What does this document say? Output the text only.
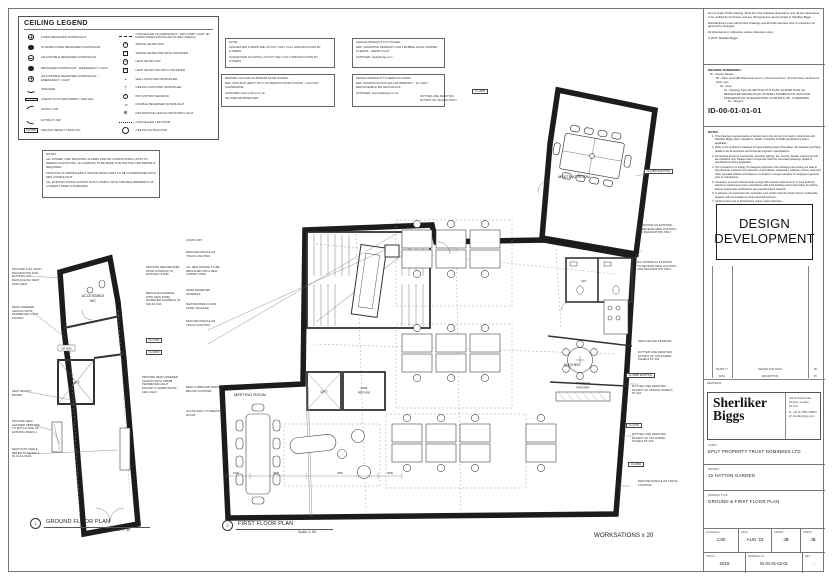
CEILING LEGEND
FIXED RECESSED DOWNLIGHT
IP RATED FIXED RECESSED DOWNLIGHT
ADJUSTABLE RECESSED DOWNLIGHT
RECESSED DOWNLIGHT - EMERGENCY LIGHT
ADJUSTABLE RECESSED DOWNLIGHT - EMERGENCY LIGHT
SPEAKER
LINEAR SLOT DIFFUSERS / GRILLES
SUPPLY AIR
EXTRACT AIR
CH 0000	CEILING HEIGHT FROM FFL
CONCEALED FLUORESCENT / LED STRIP LIGHT (IP RATED WHEN INSTALLED IN WET AREAS)
S	SMOKE DETECTOR
S	SMOKE DETECTOR WITH SOUNDER
H	HEAT DETECTOR
H	HEAT DETECTOR WITH SOUNDER
⊥	WALL MOUNTED SPRINKLER
⊤	CEILING MOUNTED SPRINKLER
P	PIR (MOTION SENSOR)
○○	DOUBLE RECESSED DOWNLIGHT
⊕	DECORATIVE CEILING MOUNTED LIGHT
CONCEALED LED STRIP
CEILING EXTRACTOR
NOTE:

SUGGESTED FURNITURE LAYOUT ONLY. FULL SPECIFICATION BY OTHERS.

SUGGESTED LIGHTING LAYOUT ONLY. FULL SPECIFICATION BY OTHERS.

BRONZE COLOUR ALUMINIUM STAIR NOSING

REF: NON SLIP HEAVY DUTY ALUMINIUM STAIR NOSING - COLOUR : CHAMPAGNE

SUPPLIER: www.mcfloor.co.uk

OR SIMILAR APPROVED

CEILING PENDANT TO KITCHEN

REF: VALENTINA PENDANT LIGHT BUBBLE GOLD COPPER - 6 HEADS - WARM LIGHT

SUPPLIER: thelightway.com

CEILING PENDANT TO MEETING ROOM

REF: WINSTAN W7630 CELLAR PENDANT - 11 LIGHT REPLACEABLE 5W LEDS BLACK

SUPPLIER: www.lights2go.co.uk

NOTES:

ALL POWER, FIRE SENSORS, ALARMS AND AIR CONDITIONING UNITS TO REMAIN AS EXISTING. ALLOWANCE TO BE MADE FOR TESTING AND REPAIR IF REQUIRED.

POSITION OF SPRINKLERS & SMOKE DETECTORS TO BE COORDINATED WITH MEP CONSULTANT.

ALL EXISTING INSTALLATIONS MUST COMPLY WITH THE REQUIREMENTS OF CURRENT BS/EN STANDARDS.

CH 2600
ACCESSIBLE
WC
LIFT
PROVIDE FULL PAINT DECORATION FOR EXISTING WC - REPLACE WC SEAT WITH NEW
NEW LOWERED CEILING WITH PERIMETER LIGHT POCKET
NEW TENANT BOARD
PROVIDE NEW LEATHER SEAT PAD TO MATCH SIZE OF EXISTING BENCH
NEW POST SHELF - REFER TO DETAIL 1 ID-01-02-06-01
1430	4000	2250	4000
MEETING ROOM
MEETING ROOM
KITCHEN
STORAGE
PRINTER
LIFT
FIRE
REFUGE
WC
COMS UNIT
NEW RECTANGULAR TRACK LIGHTING
PROVIDE NEW BRONZE STAIR NOSINGS TO EXISTING STAIR
ALL RED NOSING TO BE REPLACED WITH NEW CARPET PADS
REPLACE HANDRAIL WITH NEW 40MM DIAMETER HANDRAIL IN SOLID OAK
40MM DIAMETER HANDRAIL
NEW BRONZE FLOOR LEVEL SIGNAGE
NEW RECTANGULAR TRACK LIGHTING
CH 2150
CH 2000
PROVIDE NEW LOWERED CEILING WITH 150MM PERIMETER LIGHT POCKET & WARM WHITE LED LIGHT
NEW CUPBOARD SPACE BELOW COUNTER
GLASS WALL TO MEETING ROOM
DOTTED LINE DENOTES EXTENT OF CEILING RAFT
CH 2850
CH 2850 EXISTING
WC ROOMS AS EXISTING TO RECEIVE NEW LIGHTING AND DECORATION ONLY
WC ROOMS AS EXISTING TO RECEIVE NEW LIGHTING AND DECORATION ONLY
NEW CEILING PENDANT
DOTTED LINE DENOTES EXTENT OF COLOURED PANELS PT-204
CH 2880 EXISTING
DOTTED LINE DENOTES EXTENT OF CEILING PANELS PT-204
CH 2400
DOTTED LINE DENOTES EXTENT OF COLOURED PANELS PT-204
CH 2900
NEW RECTANGULAR TRACK LIGHTING
1	GROUND FLOOR PLAN
Scale 1: 50
2	FIRST FLOOR PLAN
Scale 1: 50	WORKSATIONS x 20

Do not scale off this drawing. Work from the indicated dimensions only. All site dimensions to be verified by Contractor and any discrepancies reported back to Sherliker Biggs.

Manufacturers must submit shop drawings and all finish samples prior to production for approval by Designer.

All dimensions in millimetres unless otherwise noted.

© 2022. Sherliker Biggs.

DRAWING NUMBERING:
ID - Interior Design
00 - Floor Level (B1-Basement Level 1, 00-Ground Floor, 01-First Floor, 02-Second Floor, etc)
01 - Area
01 - Drawing Type (01-SETTING OUT PLAN, 02-FF&E PLAN, 03-REFLECTED CEILING PLAN, 04-SMALL POWER PLAN, 05-FLOOR FINISHES PLAN, 06-ELEVATIONS, 07-DETAILS, 08 - CASEWORK)
01 - Sheet #
ID-00-01-01-01
NOTES
1. This drawing is representative of design intent only and is to be read in conjunction with Sherliker Biggs' plans, elevations, details, schedules & FF&E specifications where applicable.
2. Refer to the architect's drawings for base building setout information. All substrate and fixing details to be as architects and structural engineers specifications.
3. All services shown ie mechanical, electrical, lighting, fire, security, facade, catering and AV are indicative only. Please read in conjunction with the consultant drawings, details & specifications where applicable.
4. The contractor is to supply, for designers approval, shop drawings and setting out data to fully illustrate methods of construction of all millwork, casegoods, cabinetry, joinery work and other specialist finishes and features. Contractor to supply samples for designers approval prior to manufacture.
5. Contractor to ensure that all works comply with relevant national and / or local authority statutory requirements and in accordance with local building control and codes of practice. Ensure appropriate certifications are provided where required.
6. In advance of construction the contractor must confirm that the interior fitout is achievable together with the installed services and built structure.
7. All dimensions are to finished face unless noted otherwise.
DESIGN
DEVELOPMENT
-	DD.MM.YY	REASON FOR ISSUE	NO
DATE	DESCRIPTION	BY
REVISIONS
Sherliker
Biggs
194 St Pauls Road,
Islington, London
N1 2LH
M: +44 (0) 7984 748837
W: sherlikerbiggs.com
CLIENT
EPUT PROPERTY TRUST NOMINEES LTD
PROJECT
10 HATTON GARDEN
DRAWING TITLE
GROUND & FIRST FLOOR PLAN
SCALE@A1
1:50
DATE
AUG '23
DRAWN
JB
CHECK
JB
JOB No.
2018
DRAWING No.
ID-01-01-02-01
REV
-
